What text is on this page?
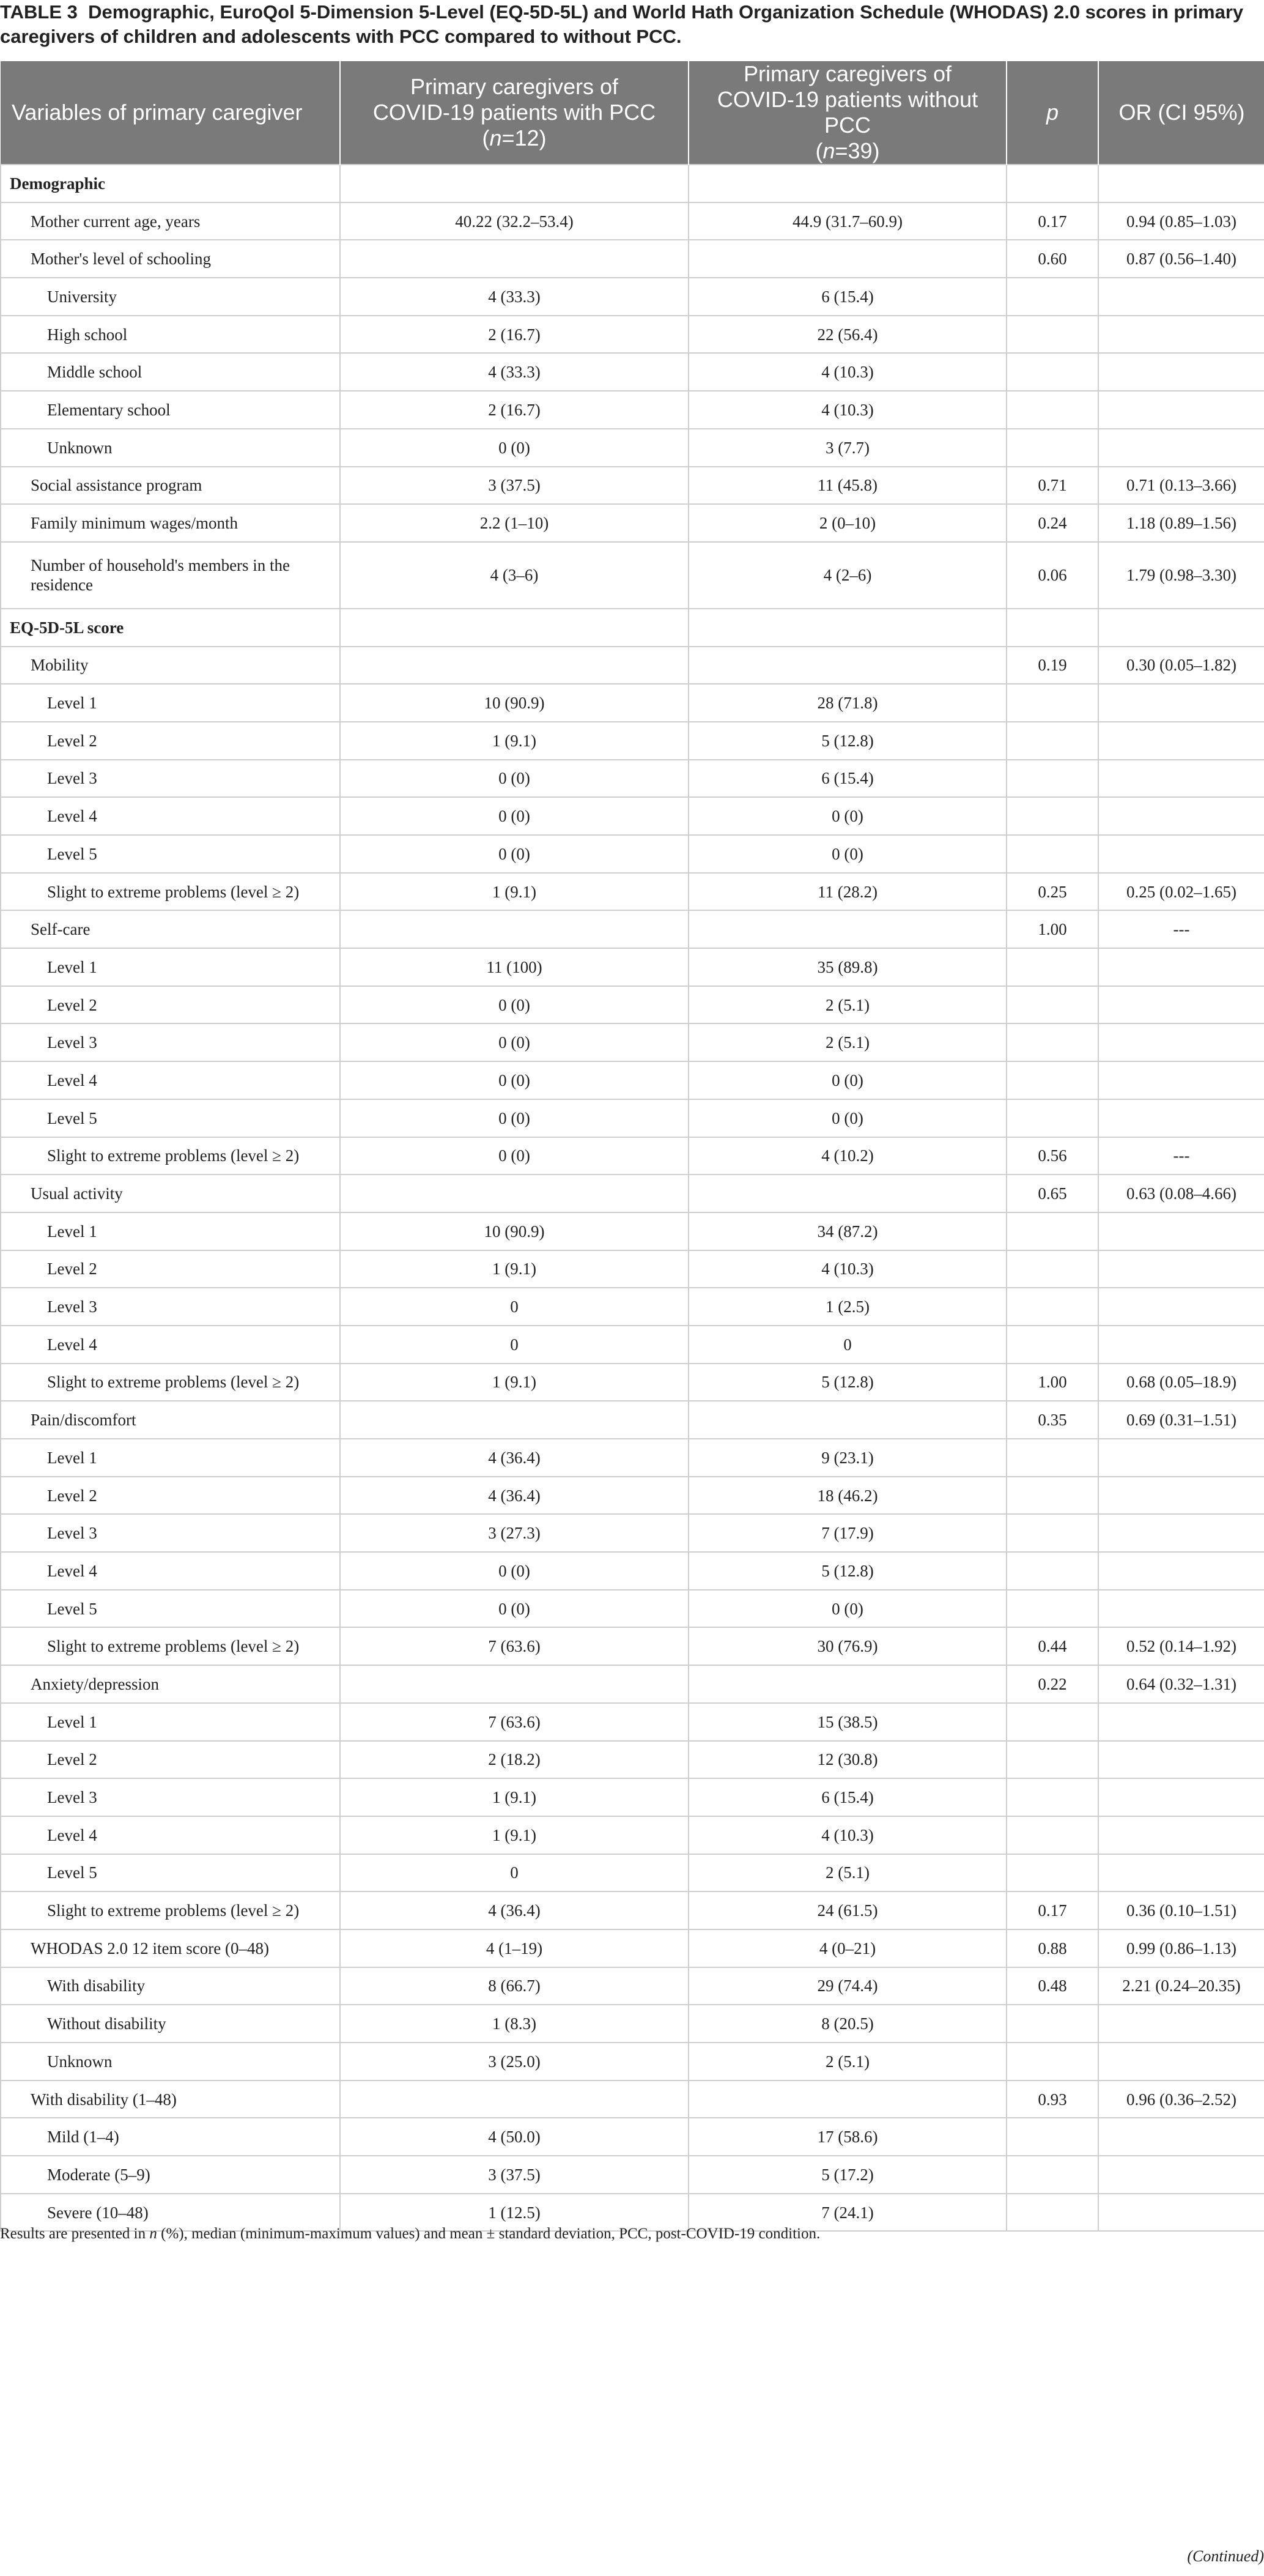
TABLE 3 Demographic, EuroQol 5-Dimension 5-Level (EQ-5D-5L) and World Hath Organization Schedule (WHODAS) 2.0 scores in primary caregivers of children and adolescents with PCC compared to without PCC.
Variables of primary caregiver	Primary caregivers of
COVID-19 patients with PCC
(n=12)	Primary caregivers of
COVID-19 patients without PCC
(n=39)	p	OR (CI 95%)
Demographic				
Mother current age, years	40.22 (32.2–53.4)	44.9 (31.7–60.9)	0.17	0.94 (0.85–1.03)
Mother's level of schooling			0.60	0.87 (0.56–1.40)
University	4 (33.3)	6 (15.4)		
High school	2 (16.7)	22 (56.4)		
Middle school	4 (33.3)	4 (10.3)		
Elementary school	2 (16.7)	4 (10.3)		
Unknown	0 (0)	3 (7.7)		
Social assistance program	3 (37.5)	11 (45.8)	0.71	0.71 (0.13–3.66)
Family minimum wages/month	2.2 (1–10)	2 (0–10)	0.24	1.18 (0.89–1.56)
Number of household's members in the residence	4 (3–6)	4 (2–6)	0.06	1.79 (0.98–3.30)
EQ-5D-5L score				
Mobility			0.19	0.30 (0.05–1.82)
Level 1	10 (90.9)	28 (71.8)		
Level 2	1 (9.1)	5 (12.8)		
Level 3	0 (0)	6 (15.4)		
Level 4	0 (0)	0 (0)		
Level 5	0 (0)	0 (0)		
Slight to extreme problems (level ≥ 2)	1 (9.1)	11 (28.2)	0.25	0.25 (0.02–1.65)
Self-care			1.00	---
Level 1	11 (100)	35 (89.8)		
Level 2	0 (0)	2 (5.1)		
Level 3	0 (0)	2 (5.1)		
Level 4	0 (0)	0 (0)		
Level 5	0 (0)	0 (0)		
Slight to extreme problems (level ≥ 2)	0 (0)	4 (10.2)	0.56	---
Usual activity			0.65	0.63 (0.08–4.66)
Level 1	10 (90.9)	34 (87.2)		
Level 2	1 (9.1)	4 (10.3)		
Level 3	0	1 (2.5)		
Level 4	0	0		
Slight to extreme problems (level ≥ 2)	1 (9.1)	5 (12.8)	1.00	0.68 (0.05–18.9)
Pain/discomfort			0.35	0.69 (0.31–1.51)
Level 1	4 (36.4)	9 (23.1)		
Level 2	4 (36.4)	18 (46.2)		
Level 3	3 (27.3)	7 (17.9)		
Level 4	0 (0)	5 (12.8)		
Level 5	0 (0)	0 (0)		
Slight to extreme problems (level ≥ 2)	7 (63.6)	30 (76.9)	0.44	0.52 (0.14–1.92)
Anxiety/depression			0.22	0.64 (0.32–1.31)
Level 1	7 (63.6)	15 (38.5)		
Level 2	2 (18.2)	12 (30.8)		
Level 3	1 (9.1)	6 (15.4)		
Level 4	1 (9.1)	4 (10.3)		
Level 5	0	2 (5.1)		
Slight to extreme problems (level ≥ 2)	4 (36.4)	24 (61.5)	0.17	0.36 (0.10–1.51)
WHODAS 2.0 12 item score (0–48)	4 (1–19)	4 (0–21)	0.88	0.99 (0.86–1.13)
With disability	8 (66.7)	29 (74.4)	0.48	2.21 (0.24–20.35)
Without disability	1 (8.3)	8 (20.5)		
Unknown	3 (25.0)	2 (5.1)		
With disability (1–48)			0.93	0.96 (0.36–2.52)
Mild (1–4)	4 (50.0)	17 (58.6)		
Moderate (5–9)	3 (37.5)	5 (17.2)		
Severe (10–48)	1 (12.5)	7 (24.1)		
Results are presented in n (%), median (minimum-maximum values) and mean ± standard deviation, PCC, post-COVID-19 condition.
(Continued)
